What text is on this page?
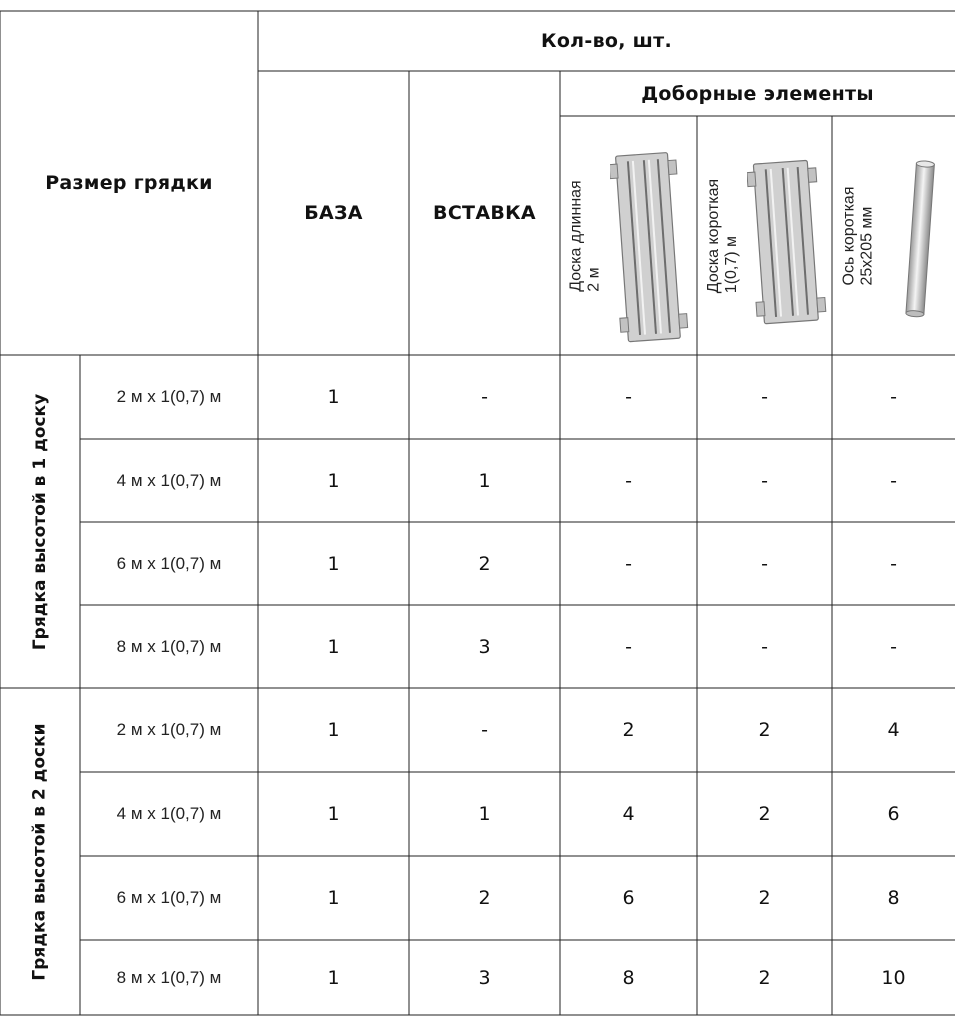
Размер грядки
Кол-во, шт.
БАЗА	ВСТАВКА
Доборные элементы
Доска длинная 2 м	Доска короткая 1(0,7) м	Ось короткая 25х205 мм
Грядка высотой в 1 доску
Грядка высотой в 2 доски
2 м х 1(0,7) м	1	-	-	-	-
4 м х 1(0,7) м	1	1	-	-	-
6 м х 1(0,7) м	1	2	-	-	-
8 м х 1(0,7) м	1	3	-	-	-
2 м х 1(0,7) м	1	-	2	2	4
4 м х 1(0,7) м	1	1	4	2	6
6 м х 1(0,7) м	1	2	6	2	8
8 м х 1(0,7) м	1	3	8	2	10
